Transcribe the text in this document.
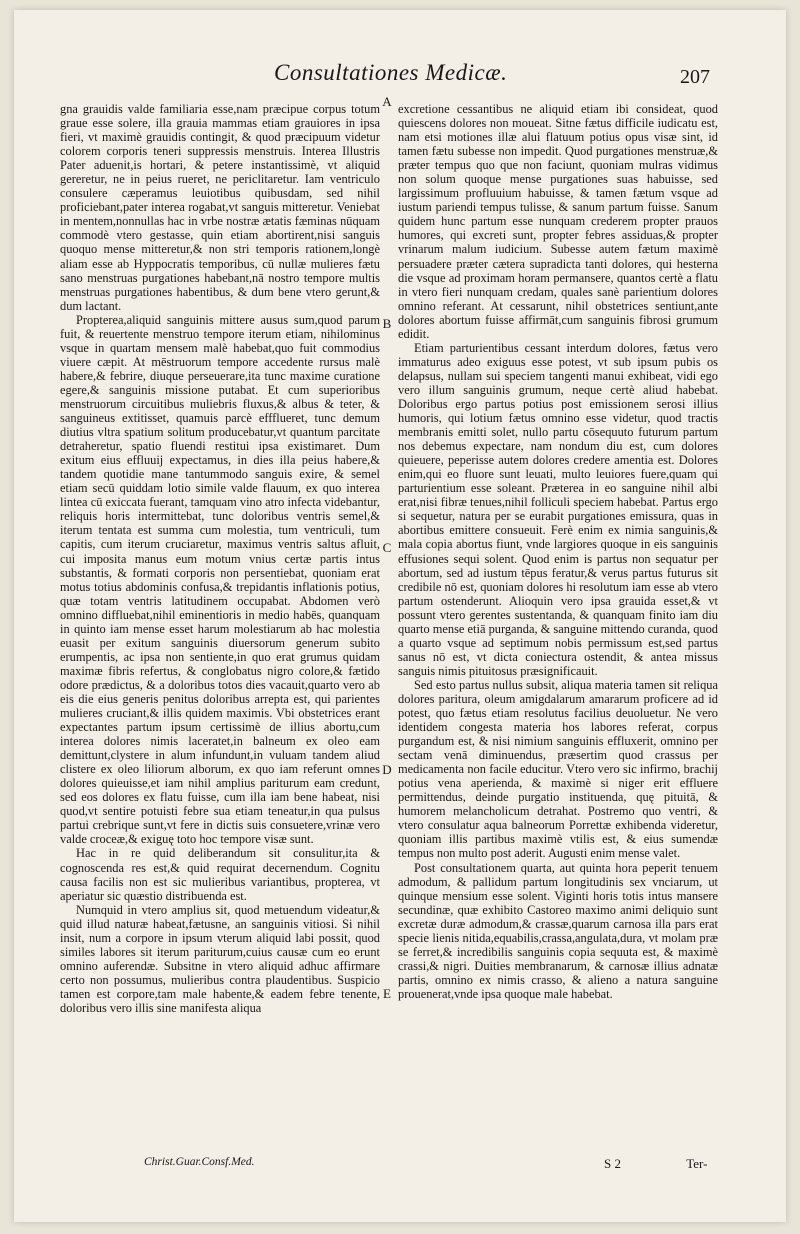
Consultationes Medicæ.	207

gna grauidis valde familiaria esse,nam præcipue corpus totum graue esse solere, illa grauia mammas etiam grauiores in ipsa fieri, vt maximè grauidis contingit, & quod præcipuum videtur colorem corporis teneri suppressis menstruis. Interea Illustris Pater aduenit,is hortari, & petere instantissimè, vt aliquid gereretur, ne in peius rueret, ne periclitaretur. Iam ventriculo consulere cæperamus leuiotibus quibusdam, sed nihil proficiebant,pater interea rogabat,vt sanguis mitteretur. Veniebat in mentem,nonnullas hac in vrbe nostræ ætatis fæminas nūquam commodè vtero gestasse, quin etiam abortirent,nisi sanguis quoquo mense mitteretur,& non stri temporis rationem,longè aliam esse ab Hyppocratis temporibus, cū nullæ mulieres fætu sano menstruas purgationes habebant,nā nostro tempore multis menstruas purgationes habentibus, & dum bene vtero gerunt,& dum lactant.

Propterea,aliquid sanguinis mittere ausus sum,quod parum fuit, & reuertente menstruo tempore iterum etiam, nihilominus vsque in quartam mensem malè habebat,quo fuit commodius viuere cæpit. At mēstruorum tempore accedente rursus malè habere,& febrire, diuque perseuerare,ita tunc maxime curatione egere,& sanguinis missione putabat. Et cum superioribus menstruorum circuitibus muliebris fluxus,& albus & teter, & sanguineus extitisset, quamuis parcè effflueret, tunc demum diutius vltra spatium solitum producebatur,vt quantum parcitate detraheretur, spatio fluendi restitui ipsa existimaret. Dum exitum eius effluuij expectamus, in dies illa peius habere,& tandem quotidie mane tantummodo sanguis exire, & semel etiam secū quiddam lotio simile valde flauum, ex quo interea lintea cū exiccata fuerant, tamquam vino atro infecta videbantur, reliquis horis intermittebat, tunc doloribus ventris semel,& iterum tentata est summa cum molestia, tum ventriculi, tum capitis, cum iterum cruciaretur, maximus ventris saltus afluit, cui imposita manus eum motum vnius certæ partis intus substantis, & formati corporis non persentiebat, quoniam erat motus totius abdominis confusa,& trepidantis inflationis potius, quæ totam ventris latitudinem occupabat. Abdomen verò omnino diffluebat,nihil eminentioris in medio habēs, quanquam in quinto iam mense esset harum molestiarum ab hac molestia euasit per exitum sanguinis diuersorum generum subito erumpentis, ac ipsa non sentiente,in quo erat grumus quidam maximæ fibris refertus, & conglobatus nigro colore,& fætido odore prædictus, & a doloribus totos dies vacauit,quarto vero ab eis die eius generis penitus doloribus arrepta est, qui parientes mulieres cruciant,& illis quidem maximis. Vbi obstetrices erant expectantes partum ipsum certissimè de illius abortu,cum interea dolores nimis laceratet,in balneum ex oleo eam demittunt,clystere in alum infundunt,in vuluam tandem aliud clistere ex oleo liliorum alborum, ex quo iam referunt omnes dolores quieuisse,et iam nihil amplius pariturum eam credunt, sed eos dolores ex flatu fuisse, cum illa iam bene habeat, nisi quod,vt sentire potuisti febre sua etiam teneatur,in qua pulsus partui crebrique sunt,vt fere in dictis suis consuetere,vrinæ vero valde croceæ,& exiguę toto hoc tempore visæ sunt.

Hac in re quid deliberandum sit consulitur,ita & cognoscenda res est,& quid requirat decernendum. Cognitu causa facilis non est sic mulieribus variantibus, propterea, vt aperiatur sic quæstio distribuenda est.

Numquid in vtero amplius sit, quod metuendum videatur,& quid illud naturæ habeat,fætusne, an sanguinis vitiosi. Si nihil insit, num a corpore in ipsum vterum aliquid labi possit, quod similes labores sit iterum pariturum,cuius causæ cum eo erunt omnino auferendæ. Subsitne in vtero aliquid adhuc affirmare certo non possumus, mulieribus contra plaudentibus. Suspicio tamen est corpore,tam male habente,& eadem febre tenente, doloribus vero illis sine manifesta aliqua

A
B
C
D
E

excretione cessantibus ne aliquid etiam ibi consideat, quod quiescens dolores non moueat. Sitne fætus difficile iudicatu est, nam etsi motiones illæ alui flatuum potius opus visæ sint, id tamen fætu subesse non impedit. Quod purgationes menstruæ,& præter tempus quo que non faciunt, quoniam mulras vidimus non solum quoque mense purgationes suas habuisse, sed largissimum profluuium habuisse, & tamen fætum vsque ad iustum pariendi tempus tulisse, & sanum partum fuisse. Sanum quidem hunc partum esse nunquam crederem propter prauos humores, qui excreti sunt, propter febres assiduas,& propter vrinarum malum iudicium. Subesse autem fætum maximè persuadere præter cætera supradicta tanti dolores, qui hesterna die vsque ad proximam horam permansere, quantos certè a flatu in vtero fieri nunquam credam, quales sanè parientium dolores omnino referant. At cessarunt, nihil obstetrices sentiunt,ante dolores abortum fuisse affirmāt,cum sanguinis fibrosi grumum edidit.

Etiam parturientibus cessant interdum dolores, fætus vero immaturus adeo exiguus esse potest, vt sub ipsum pubis os delapsus, nullam sui speciem tangenti manui exhibeat, vidi ego vero illum sanguinis grumum, neque certè aliud habebat. Doloribus ergo partus potius post emissionem serosi illius humoris, qui lotium fætus omnino esse videtur, quod tractis membranis emitti solet, nullo partu cōsequuto futurum partum nos debemus expectare, nam nondum diu est, cum dolores quieuere, peperisse autem dolores credere amentia est. Dolores enim,qui eo fluore sunt leuati, multo leuiores fuere,quam qui parturientium esse soleant. Præterea in eo sanguine nihil albi erat,nisi fibræ tenues,nihil folliculi speciem habebat. Partus ergo si sequetur, natura per se eurabit purgationes emissura, quas in abortibus emittere consueuit. Ferè enim ex nimia sanguinis,& mala copia abortus fiunt, vnde largiores quoque in eis sanguinis effusiones sequi solent. Quod enim is partus non sequatur per abortum, sed ad iustum tēpus feratur,& verus partus futurus sit credibile nō est, quoniam dolores hi resolutum iam esse ab vtero partum ostenderunt. Alioquin vero ipsa grauida esset,& vt possunt vtero gerentes sustentanda, & quanquam finito iam diu quarto mense etiā purganda, & sanguine mittendo curanda, quod a quarto vsque ad septimum nobis permissum est,sed partus sanus nō est, vt dicta coniectura ostendit, & antea missus sanguis nimis pituitosus præsignificauit.

Sed esto partus nullus subsit, aliqua materia tamen sit reliqua dolores paritura, oleum amigdalarum amararum proficere ad id potest, quo fætus etiam resolutus facilius deuoluetur. Ne vero identidem congesta materia hos labores referat, corpus purgandum est, & nisi nimium sanguinis effluxerit, omnino per sectam venā diminuendus, præsertim quod crassus per medicamenta non facile educitur. Vtero vero sic infirmo, brachij potius vena aperienda, & maximè si niger erit effluere permittendus, deinde purgatio instituenda, quę pituitā, & humorem melancholicum detrahat. Postremo quo ventri, & vtero consulatur aqua balneorum Porrettæ exhibenda videretur, quoniam illis partibus maximè vtilis est, & eius sumendæ tempus non multo post aderit. Augusti enim mense valet.

Post consultationem quarta, aut quinta hora peperit tenuem admodum, & pallidum partum longitudinis sex vnciarum, ut quinque mensium esse solent. Viginti horis totis intus mansere secundinæ, quæ exhibito Castoreo maximo animi deliquio sunt excretæ duræ admodum,& crassæ,quarum carnosa illa pars erat specie lienis nitida,equabilis,crassa,angulata,dura, vt molam præ se ferret,& incredibilis sanguinis copia sequuta est, & maximè crassi,& nigri. Duities membranarum, & carnosæ illius adnatæ partis, omnino ex nimis crasso, & alieno a natura sanguine prouenerat,vnde ipsa quoque male habebat.

Christ.Guar.Consf.Med.	S 2	Ter-
